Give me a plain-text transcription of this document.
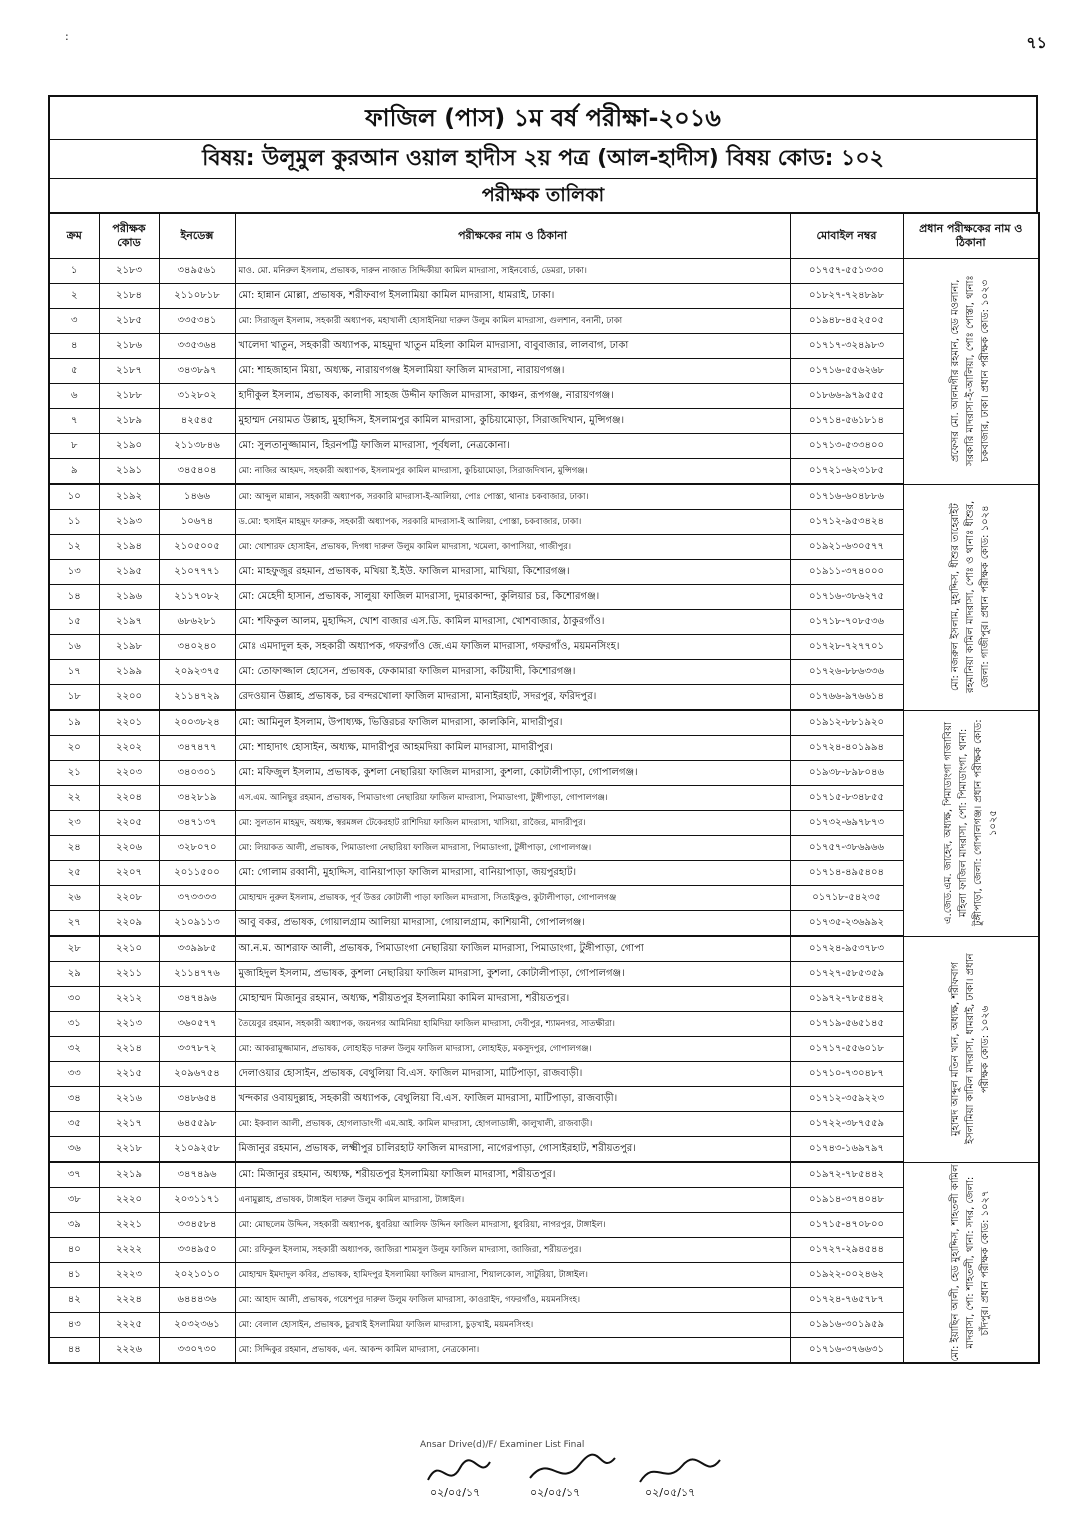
:	৭১
ফাজিল (পাস) ১ম বর্ষ পরীক্ষা-২০১৬
বিষয়: উলূমুল কুরআন ওয়াল হাদীস ২য় পত্র (আল-হাদীস) বিষয় কোড: ১০২
পরীক্ষক তালিকা
ক্রম	পরীক্ষক কোড	ইনডেক্স	পরীক্ষকের নাম ও ঠিকানা	মোবাইল নম্বর	প্রধান পরীক্ষকের নাম ও ঠিকানা
১	২১৮৩	৩৪৯৫৬১	মাও. মো. মনিরুল ইসলাম, প্রভাষক, দারুন নাজাত সিদ্দিকীয়া কামিল মাদরাসা, সাইনবোর্ড, ডেমরা, ঢাকা।	০১৭৫৭-৫৫১৩৩০	প্রফেসর মো. আলমগীর রহমান, হেড মওলানা, সরকারি মাদরাসা-ই-আলিয়া, পোঃ পোস্তা, থানাঃ চকবাজার, ঢাকা। প্রধান পরীক্ষক কোড: ১০২৩

২	২১৮৪	২১১০৮১৮	মো: হান্নান মোল্লা, প্রভাষক, শরীফবাগ ইসলামিয়া কামিল মাদরাসা, ধামরাই, ঢাকা।	০১৮২৭-৭২৪৮৯৮	
৩	২১৮৫	৩৩৫৩৪১	মো: সিরাজুল ইসলাম, সহকারী অধ্যাপক, মহাখালী হোসাইনিয়া দারুল উলুম কামিল মাদরাসা, গুলশান, বনানী, ঢাকা	০১৯৪৮-৪৫২৫০৫	
৪	২১৮৬	৩৩৫৩৬৪	খালেদা খাতুন, সহকারী অধ্যাপক, মাহমুদা খাতুন মহিলা কামিল মাদরাসা, বাবুবাজার, লালবাগ, ঢাকা	০১৭১৭-৩২৪৯৮৩	
৫	২১৮৭	৩৪৩৮৯৭	মো: শাহজাহান মিয়া, অধ্যক্ষ, নারায়ণগঞ্জ ইসলামিয়া ফাজিল মাদরাসা, নারায়ণগঞ্জ।	০১৭১৬-৫৫৬২৬৮	
৬	২১৮৮	৩১২৮০২	হাদীকুল ইসলাম, প্রভাষক, কালাদী সাহজ উদ্দীন ফাজিল মাদরাসা, কাঞ্চন, রূপগঞ্জ, নারায়ণগঞ্জ।	০১৮৬৬-৯৭৯৫৫৫	
৭	২১৮৯	৪২৫৪৫	মুহাম্মদ নেয়ামত উল্লাহ, মুহাদ্দিস, ইসলামপুর কামিল মাদরাসা, কুচিয়ামোড়া, সিরাজদিখান, মুন্সিগঞ্জ।	০১৭১৪-৫৬১৮১৪	
৮	২১৯০	২১১৩৮৪৬	মো: সুলতানুজ্জামান, হিরনপট্টি ফাজিল মাদরাসা, পূর্বধলা, নেত্রকোনা।	০১৭১৩-৫৩৩৪০০	
৯	২১৯১	৩৪৫৪০৪	মো: নাজির আহমদ, সহকারী অধ্যাপক, ইসলামপুর কামিল মাদরাসা, কুচিয়ামোড়া, সিরাজদিখান, মুন্সিগঞ্জ।	০১৭২১-৬২৩১৮৫	
১০	২১৯২	১৪৬৬	মো: আব্দুল মান্নান, সহকারী অধ্যাপক, সরকারি মাদরাসা-ই-আলিয়া, পোঃ পোস্তা, থানাঃ চকবাজার, ঢাকা।	০১৭১৬-৬০৪৮৮৬	মো: নজরুল ইসলাম, মুহাদ্দিস, ধীশুর তাহেরাইট রহমানিয়া কামিল মাদরাসা, পোঃ ও থানাঃ ধীশুর, জেলা: গাজীপুর। প্রধান পরীক্ষক কোড: ১০২৪

১১	২১৯৩	১০৬৭৪	ড.মো: হুসাইন মাহমুদ ফারুক, সহকারী অধ্যাপক, সরকারি মাদরাসা-ই আলিয়া, পোস্তা, চকবাজার, ঢাকা।	০১৭১২-৯৫৩৪২৪	
১২	২১৯৪	২১০৫০০৫	মো: খোশারফ হোসাইন, প্রভাষক, দিগধা দারুল উলুম কামিল মাদরাসা, খমেলা, কাপাসিয়া, গাজীপুর।	০১৯২১-৬৩০৫৭৭	
১৩	২১৯৫	২১০৭৭৭১	মো: মাহফুজুর রহমান, প্রভাষক, মখিয়া ই.ইউ. ফাজিল মাদরাসা, মাখিয়া, কিশোরগঞ্জ।	০১৯১১-৩৭৪০০০	
১৪	২১৯৬	২১১৭০৮২	মো: মেহেদী হাসান, প্রভাষক, সালুয়া ফাজিল মাদরাসা, দুমারকান্দা, কুলিয়ার চর, কিশোরগঞ্জ।	০১৭১৬-৩৮৬২৭৫	
১৫	২১৯৭	৬৮৬২৮১	মো: শফিকুল আলম, মুহাদ্দিস, খোশ বাজার এস.ডি. কামিল মাদরাসা, খোশবাজার, ঠাকুরগাঁও।	০১৭১৮-৭০৮৫৩৬	
১৬	২১৯৮	৩৪০২৪০	মোঃ এমদাদুল হক, সহকারী অধ্যাপক, গফরগাঁও জে.এম ফাজিল মাদরাসা, গফরগাঁও, ময়মনসিংহ।	০১৭২৮-৭২৭৭০১	
১৭	২১৯৯	২০৯২৩৭৫	মো: তোফাজ্জাল হোসেন, প্রভাষক, ফেকামারা ফাজিল মাদরাসা, কটিয়াদী, কিশোরগঞ্জ।	০১৭২৬-৮৮৬৩৩৬	
১৮	২২০০	২১১৪৭২৯	রেদওয়ান উল্লাহ, প্রভাষক, চর বন্দরখোলা ফাজিল মাদরাসা, মানাইরহাট, সদরপুর, ফরিদপুর।	০১৭৬৬-৯৭৬৬১৪	
১৯	২২০১	২০০৩৮২৪	মো: আমিনুল ইসলাম, উপাধ্যক্ষ, ভিত্তিরচর ফাজিল মাদরাসা, কালকিনি, মাদারীপুর।	০১৯১২-৮৮১৯২০	এ.জেড.এম. জাহেদ, অধ্যক্ষ, পিমাডাংগা গাজাবিয়া মহিলা ফাজিল মাদরাসা, পো: পিমাডাংগা, থানা: টুঙ্গীপাড়া, জেলা: গোপালগঞ্জ। প্রধান পরীক্ষক কোড: ১০২৫

২০	২২০২	৩৪৭৪৭৭	মো: শাহাদাৎ হোসাইন, অধ্যক্ষ, মাদারীপুর আহমদিয়া কামিল মাদরাসা, মাদারীপুর।	০১৭২৪-৪০১৯৯৪	
২১	২২০৩	৩৪০৩০১	মো: মফিজুল ইসলাম, প্রভাষক, কুশলা নেছারিয়া ফাজিল মাদরাসা, কুশলা, কোটালীপাড়া, গোপালগঞ্জ।	০১৯৩৮-৮৯৮০৪৬	
২২	২২০৪	৩৪২৮১৯	এস.এম. আনিছুর রহমান, প্রভাষক, পিমাডাংগা নেছারিয়া ফাজিল মাদরাসা, পিমাডাংগা, টুঙ্গীপাড়া, গোপালগঞ্জ।	০১৭১৫-৮৩৪৮৫৫	
২৩	২২০৫	৩৪৭১৩৭	মো: সুলতান মাহমুদ, অধ্যক্ষ, স্বরমঙ্গল টেকেরহাট রাশিদিয়া ফাজিল মাদরাসা, খাসিয়া, রাজৈর, মাদারীপুর।	০১৭৩২-৬৯৭৮৭৩	
২৪	২২০৬	৩২৮০৭০	মো: লিয়াকত আলী, প্রভাষক, পিমাডাংগা নেছারিয়া ফাজিল মাদরাসা, পিমাডাংগা, টুঙ্গীপাড়া, গোপালগঞ্জ।	০১৭৫৭-৩৮৬৯৬৬	
২৫	২২০৭	২০১১৫০০	মো: গোলাম রব্বানী, মুহাদ্দিস, বানিয়াপাড়া ফাজিল মাদরাসা, বানিয়াপাড়া, জয়পুরহাট।	০১৭১৪-৪৯৫৪০৪	
২৬	২২০৮	৩৭৩৩৩৩	মোহাম্মদ নুরুল ইসলাম, প্রভাষক, পূর্ব উত্তর কোটালী পাড়া ফাজিল মাদরাসা, সিতাইকুণ্ড, কুটালীপাড়া, গোপালগঞ্জ	০১৭১৮-৫৪২৩৫	
২৭	২২০৯	২১০৯১১৩	আবু বকর, প্রভাষক, গোয়ালগ্রাম আলিয়া মাদরাসা, গোয়ালগ্রাম, কাশিয়ানী, গোপালগঞ্জ।	০১৭৩৫-২৩৬৯৯২	
২৮	২২১০	৩৩৯৯৮৫	আ.ন.ম. আশরাফ আলী, প্রভাষক, পিমাডাংগা নেছারিয়া ফাজিল মাদরাসা, পিমাডাংগা, টুঙ্গীপাড়া, গোপা	০১৭২৪-৯৫৩৭৮৩	মুহাম্মদ আব্দুল মতিন খান, অধ্যক্ষ, শরীফবাগ ইসলামিয়া কামিল মাদরাসা, ধামরাই, ঢাকা। প্রধান পরীক্ষক কোড: ১০২৬

২৯	২২১১	২১১৪৭৭৬	মুজাহিদুল ইসলাম, প্রভাষক, কুশলা নেছারিয়া ফাজিল মাদরাসা, কুশলা, কোটালীপাড়া, গোপালগঞ্জ।	০১৭২৭-৫৮৫৩৫৯	
৩০	২২১২	৩৪৭৪৯৬	মোহাম্মদ মিজানুর রহমান, অধ্যক্ষ, শরীয়তপুর ইসলামিয়া কামিল মাদরাসা, শরীয়তপুর।	০১৯৭২-৭৮৫৪৪২	
৩১	২২১৩	৩৬০৫৭৭	তৈয়েবুর রহমান, সহকারী অধ্যাপক, জয়নগর আমিনিয়া হামিদিয়া ফাজিল মাদরাসা, দেবীপুর, শ্যামনগর, সাতক্ষীরা।	০১৭১৯-৫৬৫১৪৫	
৩২	২২১৪	৩৩৭৮৭২	মো: আকরামুজ্জামান, প্রভাষক, লোহাইড় দারুল উলুম ফাজিল মাদরাসা, লোহাইড়, মকসুদপুর, গোপালগঞ্জ।	০১৭১৭-৫৫৬০১৮	
৩৩	২২১৫	২০৯৬৭৫৪	দেলাওয়ার হোসাইন, প্রভাষক, বেথুলিয়া বি.এস. ফাজিল মাদরাসা, মাটিপাড়া, রাজবাড়ী।	০১৭১০-৭৩০৪৮৭	
৩৪	২২১৬	৩৪৮৬৫৪	খন্দকার ওবায়দুল্লাহ, সহকারী অধ্যাপক, বেথুলিয়া বি.এস. ফাজিল মাদরাসা, মাটিপাড়া, রাজবাড়ী।	০১৭১২-৩৫৯২২৩	
৩৫	২২১৭	৬৪৫৫৯৮	মো: ইকবাল আলী, প্রভাষক, হোগলাডাংগী এম.আই. কামিল মাদরাসা, হোগলাডাঙ্গী, কালুখালী, রাজবাড়ী।	০১৭২২-৩৮৭৫৫৯	
৩৬	২২১৮	২১০৯২৫৮	মিজানুর রহমান, প্রভাষক, লক্ষ্মীপুর চালিরহাট ফাজিল মাদরাসা, নাগেরপাড়া, গোসাইরহাট, শরীয়তপুর।	০১৭৪৩-১৬৯৭৯৭	
৩৭	২২১৯	৩৪৭৪৯৬	মো: মিজানুর রহমান, অধ্যক্ষ, শরীয়তপুর ইসলামিয়া ফাজিল মাদরাসা, শরীয়তপুর।	০১৯৭২-৭৮৫৪৪২	মো: ইয়াছিন আলী, হেড মুহাদ্দিস, শাহতলী কামিল মাদরাসা, পো: শাহতলী, থানা: সদর, জেলা: চাঁদপুর। প্রধান পরীক্ষক কোড: ১০২৭

৩৮	২২২০	২০৩১১৭১	এনামুল্লাহ, প্রভাষক, টাঙ্গাইল দারুল উলুম কামিল মাদরাসা, টাঙ্গাইল।	০১৯১৪-৩৭৪০৪৮	
৩৯	২২২১	৩৩৪৫৮৪	মো: মোছলেম উদ্দিন, সহকারী অধ্যাপক, ধুবরিয়া আলিফ উদ্দিন ফাজিল মাদরাসা, ধুবরিয়া, নাগরপুর, টাঙ্গাইল।	০১৭১৫-৪৭০৮০০	
৪০	২২২২	৩৩৪৯৫০	মো: রফিকুল ইসলাম, সহকারী অধ্যাপক, জাজিরা শামসুল উলুম ফাজিল মাদরাসা, জাজিরা, শরীয়তপুর।	০১৭২৭-২৯৪৫৪৪	
৪১	২২২৩	২০২১০১০	মোহাম্মদ ইমদাদুল কবির, প্রভাষক, হামিদপুর ইসলামিয়া ফাজিল মাদরাসা, শিয়ালকোল, সাটুরিয়া, টাঙ্গাইল।	০১৯২২-০০২৪৬২	
৪২	২২২৪	৬৪৪৪৩৬	মো: আহাদ আলী, প্রভাষক, গয়েশপুর দারুল উলুম ফাজিল মাদরাসা, কাওরাইদ, গফরগাঁও, ময়মনসিংহ।	০১৭২৪-৭৬৫৭৮৭	
৪৩	২২২৫	২০৩২৩৬১	মো: বেলাল হোসাইন, প্রভাষক, চুরখাই ইসলামিয়া ফাজিল মাদরাসা, চুড়খাই, ময়মনসিংহ।	০১৯১৬-৩০১৯৫৯	
৪৪	২২২৬	৩৩০৭৩০	মো: সিদ্দিকুর রহমান, প্রভাষক, এন. আকন্দ কামিল মাদরাসা, নেত্রকোনা।	০১৭১৬-৩৭৬৬৩১	
Ansar Drive(d)/F/ Examiner List Final
০২/০৫/১৭	০২/০৫/১৭	০২/০৫/১৭
